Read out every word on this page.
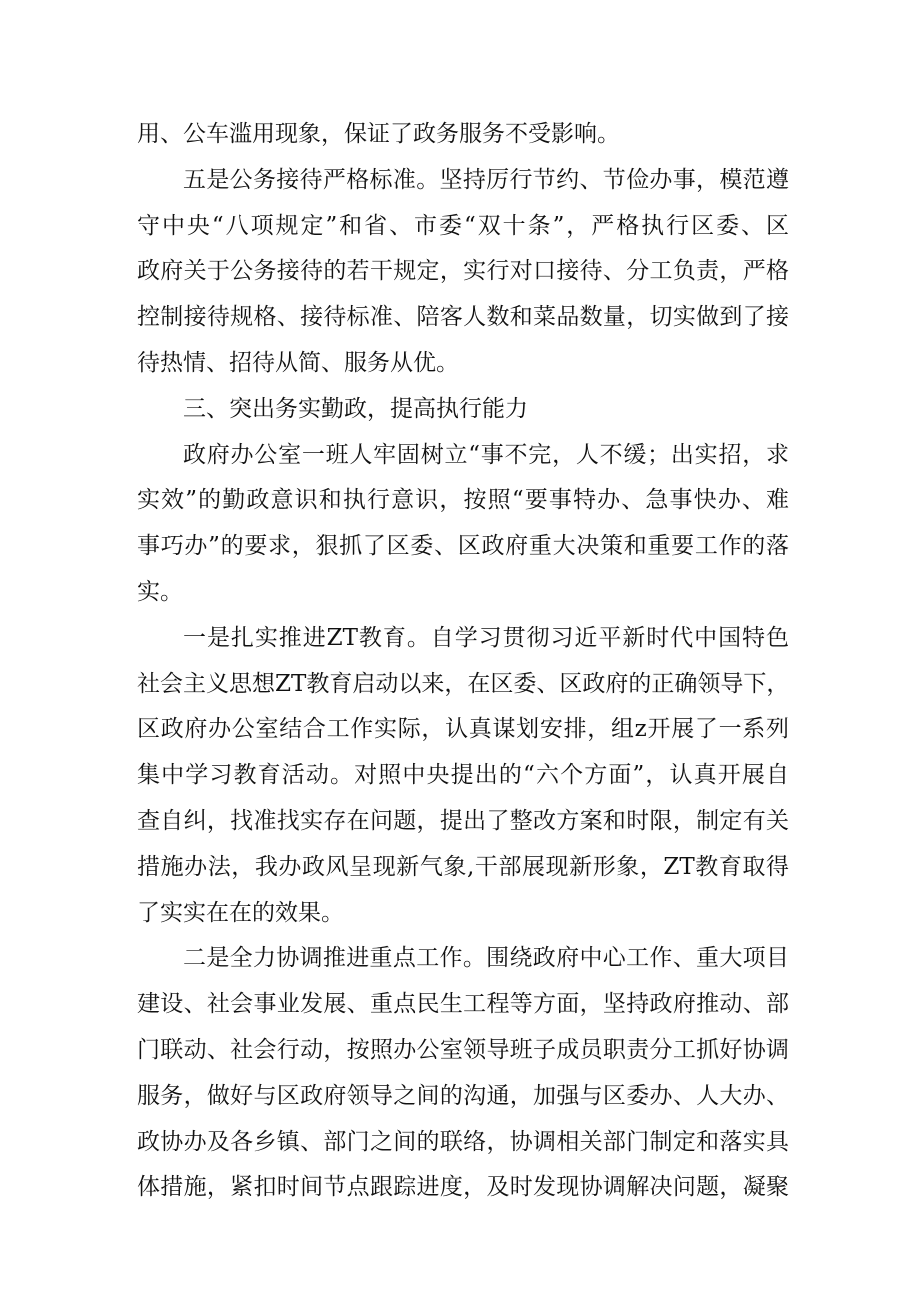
用、公车滥用现象，保证了政务服务不受影响。
五是公务接待严格标准。坚持厉行节约、节俭办事，模范遵
守中央“八项规定”和省、市委“双十条”，严格执行区委、区
政府关于公务接待的若干规定，实行对口接待、分工负责，严格
控制接待规格、接待标准、陪客人数和菜品数量，切实做到了接
待热情、招待从简、服务从优。
三、突出务实勤政，提高执行能力
政府办公室一班人牢固树立“事不完，人不缓；出实招，求
实效”的勤政意识和执行意识，按照“要事特办、急事快办、难
事巧办”的要求，狠抓了区委、区政府重大决策和重要工作的落
实。
一是扎实推进ZT教育。自学习贯彻习近平新时代中国特色
社会主义思想ZT教育启动以来，在区委、区政府的正确领导下，
区政府办公室结合工作实际，认真谋划安排，组z开展了一系列
集中学习教育活动。对照中央提出的“六个方面”，认真开展自
查自纠，找准找实存在问题，提出了整改方案和时限，制定有关
措施办法，我办政风呈现新气象,干部展现新形象，ZT教育取得
了实实在在的效果。
二是全力协调推进重点工作。围绕政府中心工作、重大项目
建设、社会事业发展、重点民生工程等方面，坚持政府推动、部
门联动、社会行动，按照办公室领导班子成员职责分工抓好协调
服务，做好与区政府领导之间的沟通，加强与区委办、人大办、
政协办及各乡镇、部门之间的联络，协调相关部门制定和落实具
体措施，紧扣时间节点跟踪进度，及时发现协调解决问题，凝聚
